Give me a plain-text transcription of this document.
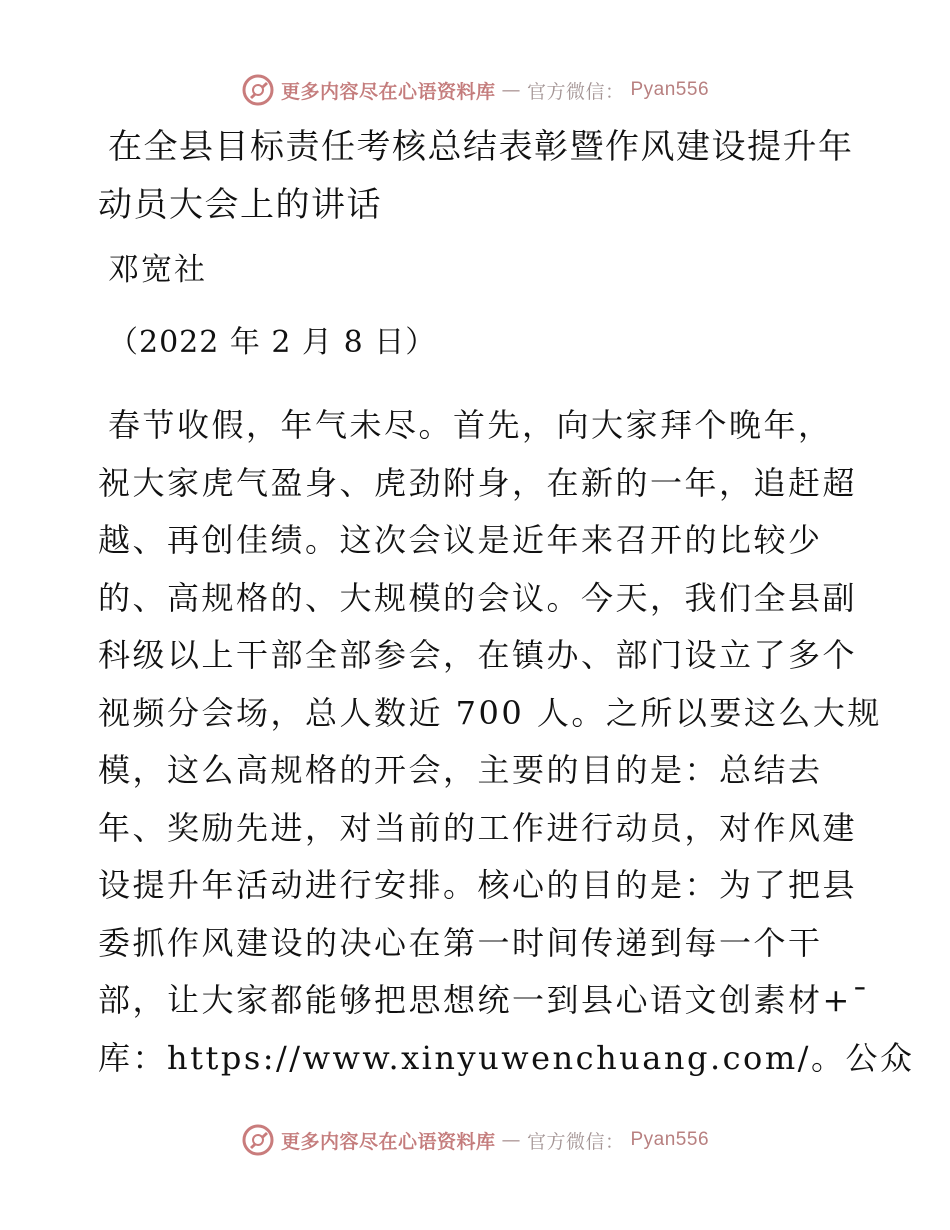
更多内容尽在心语资料库 — 官方微信： Pyan556
在全县目标责任考核总结表彰暨作风建设提升年
动员大会上的讲话
邓宽社
（2022 年 2 月 8 日）
春节收假，年气未尽。首先，向大家拜个晚年，
祝大家虎气盈身、虎劲附身，在新的一年，追赶超
越、再创佳绩。这次会议是近年来召开的比较少
的、高规格的、大规模的会议。今天，我们全县副
科级以上干部全部参会，在镇办、部门设立了多个
视频分会场，总人数近 700 人。之所以要这么大规
模，这么高规格的开会，主要的目的是：总结去
年、奖励先进，对当前的工作进行动员，对作风建
设提升年活动进行安排。核心的目的是：为了把县
委抓作风建设的决心在第一时间传递到每一个干
部，让大家都能够把思想统一到县心语文创素材+¯
库：https://www.xinyuwenchuang.com/。公众
更多内容尽在心语资料库 — 官方微信： Pyan556
